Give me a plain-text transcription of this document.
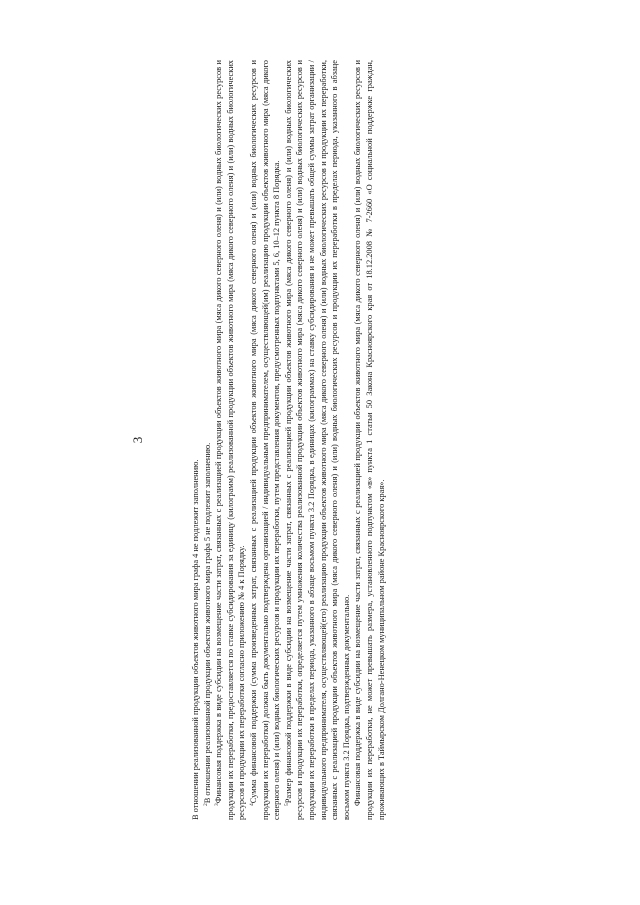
3

В отношении реализованной продукции объектов животного мира графа 4 не подлежит заполнению. $^2$В отношении реализованной продукции объектов животного мира графа 5 не подлежит заполнению.

$^3$Финансовая поддержка в виде субсидии на возмещение части затрат, связанных с реализацией продукции объектов животного мира (мяса дикого северного оленя) и (или) водных биологических ресурсов и продукции их переработки, предоставляется по ставке субсидирования за единицу (килограмм) реализованной продукции объектов животного мира (мяса дикого северного оленя) и (или) водных биологических ресурсов и продукции их переработки согласно приложению № 4 к Порядку. $^4$Сумма финансовой поддержки (сумма произведенных затрат, связанных с реализацией продукции объектов животного мира (мяса дикого северного оленя) и (или) водных биологических ресурсов и продукции их переработки) должна быть документально подтверждена организацией / индивидуальным предпринимателем, осуществляющей(им) реализацию продукции объектов животного мира (мяса дикого северного оленя) и (или) водных биологических ресурсов и продукции их переработки, путем представления документов, предусмотренных подпунктами 5, 6, 10–12 пункта 8 Порядка. $^5$Размер финансовой поддержки в виде субсидии на возмещение части затрат, связанных с реализацией продукции объектов животного мира (мяса дикого северного оленя) и (или) водных биологических ресурсов и продукции их переработки, определяется путем умножения количества реализованной продукции объектов животного мира (мяса дикого северного оленя) и (или) водных биологических ресурсов и продукции их переработки в пределах периода, указанного в абзаце восьмом пункта 3.2 Порядка, в единицах (килограммах) на ставку субсидирования и не может превышать общей суммы затрат организации / индивидуального предпринимателя, осуществляющей(его) реализацию продукции объектов животного мира (мяса дикого северного оленя) и (или) водных биологических ресурсов и продукции их переработки, связанных с реализацией продукции объектов животного мира (мяса дикого северного оленя) и (или) водных биологических ресурсов и продукции их переработки в пределах периода, указанного в абзаце восьмом пункта 3.2 Порядка, подтвержденных документально. Финансовая поддержка в виде субсидии на возмещение части затрат, связанных с реализацией продукции объектов животного мира (мяса дикого северного оленя) и (или) водных биологических ресурсов и продукции их переработки, не может превышать размера, установленного подпунктом «в» пункта 1 статьи 50 Закона Красноярского края от 18.12.2008 № 7-2660 «О социальной поддержке граждан, проживающих в Таймырском Долгано-Ненецком муниципальном районе Красноярского края».
